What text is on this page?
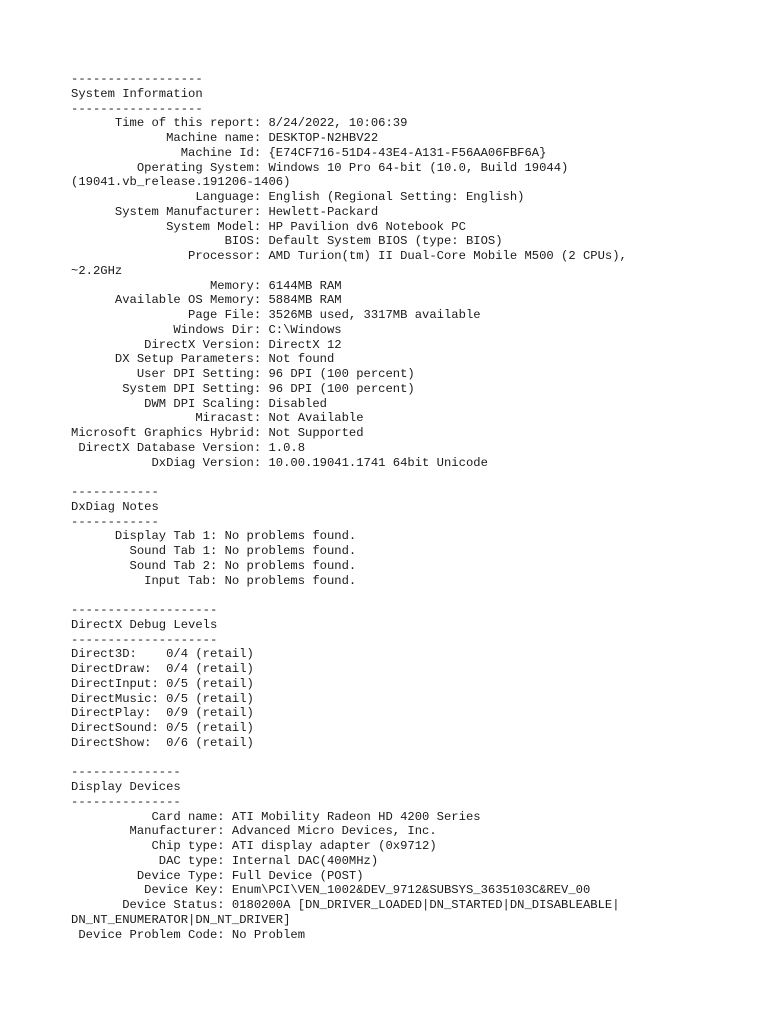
------------------
System Information
------------------
Time of this report: 8/24/2022, 10:06:39
Machine name: DESKTOP-N2HBV22
Machine Id: {E74CF716-51D4-43E4-A131-F56AA06FBF6A}
Operating System: Windows 10 Pro 64-bit (10.0, Build 19044)
(19041.vb_release.191206-1406)
Language: English (Regional Setting: English)
System Manufacturer: Hewlett-Packard
System Model: HP Pavilion dv6 Notebook PC
BIOS: Default System BIOS (type: BIOS)
Processor: AMD Turion(tm) II Dual-Core Mobile M500 (2 CPUs),
~2.2GHz
Memory: 6144MB RAM
Available OS Memory: 5884MB RAM
Page File: 3526MB used, 3317MB available
Windows Dir: C:\Windows
DirectX Version: DirectX 12
DX Setup Parameters: Not found
User DPI Setting: 96 DPI (100 percent)
System DPI Setting: 96 DPI (100 percent)
DWM DPI Scaling: Disabled
Miracast: Not Available
Microsoft Graphics Hybrid: Not Supported
DirectX Database Version: 1.0.8
DxDiag Version: 10.00.19041.1741 64bit Unicode
------------
DxDiag Notes
------------
Display Tab 1: No problems found.
Sound Tab 1: No problems found.
Sound Tab 2: No problems found.
Input Tab: No problems found.
--------------------
DirectX Debug Levels
--------------------
Direct3D:    0/4 (retail)
DirectDraw:  0/4 (retail)
DirectInput: 0/5 (retail)
DirectMusic: 0/5 (retail)
DirectPlay:  0/9 (retail)
DirectSound: 0/5 (retail)
DirectShow:  0/6 (retail)
---------------
Display Devices
---------------
Card name: ATI Mobility Radeon HD 4200 Series
Manufacturer: Advanced Micro Devices, Inc.
Chip type: ATI display adapter (0x9712)
DAC type: Internal DAC(400MHz)
Device Type: Full Device (POST)
Device Key: Enum\PCI\VEN_1002&DEV_9712&SUBSYS_3635103C&REV_00
Device Status: 0180200A [DN_DRIVER_LOADED|DN_STARTED|DN_DISABLEABLE|
DN_NT_ENUMERATOR|DN_NT_DRIVER]
Device Problem Code: No Problem
